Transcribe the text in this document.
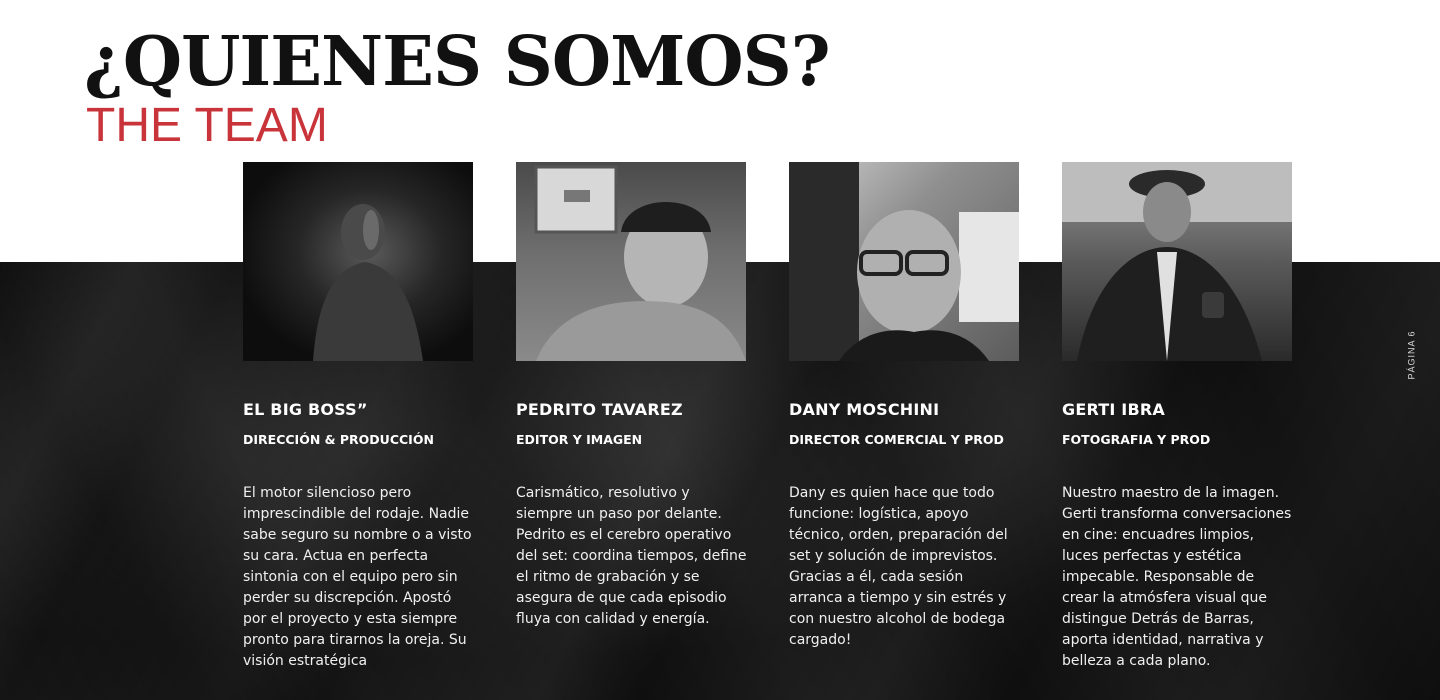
¿QUIENES SOMOS?
THE TEAM
PÁGINA 6
EL BIG BOSS”
DIRECCIÓN & PRODUCCIÓN

El motor silencioso pero imprescindible del rodaje. Nadie sabe seguro su nombre o a visto su cara. Actua en perfecta sintonia con el equipo pero sin perder su discrepción. Apostó por el proyecto y esta siempre pronto para tirarnos la oreja. Su visión estratégica

PEDRITO TAVAREZ
EDITOR Y IMAGEN

Carismático, resolutivo y siempre un paso por delante. Pedrito es el cerebro operativo del set: coordina tiempos, define el ritmo de grabación y se asegura de que cada episodio fluya con calidad y energía.

DANY MOSCHINI
DIRECTOR COMERCIAL Y PROD

Dany es quien hace que todo funcione: logística, apoyo técnico, orden, preparación del set y solución de imprevistos. Gracias a él, cada sesión arranca a tiempo y sin estrés y con nuestro alcohol de bodega cargado!

GERTI IBRA
FOTOGRAFIA Y PROD

Nuestro maestro de la imagen. Gerti transforma conversaciones en cine: encuadres limpios, luces perfectas y estética impecable. Responsable de crear la atmósfera visual que distingue Detrás de Barras, aporta identidad, narrativa y belleza a cada plano.
